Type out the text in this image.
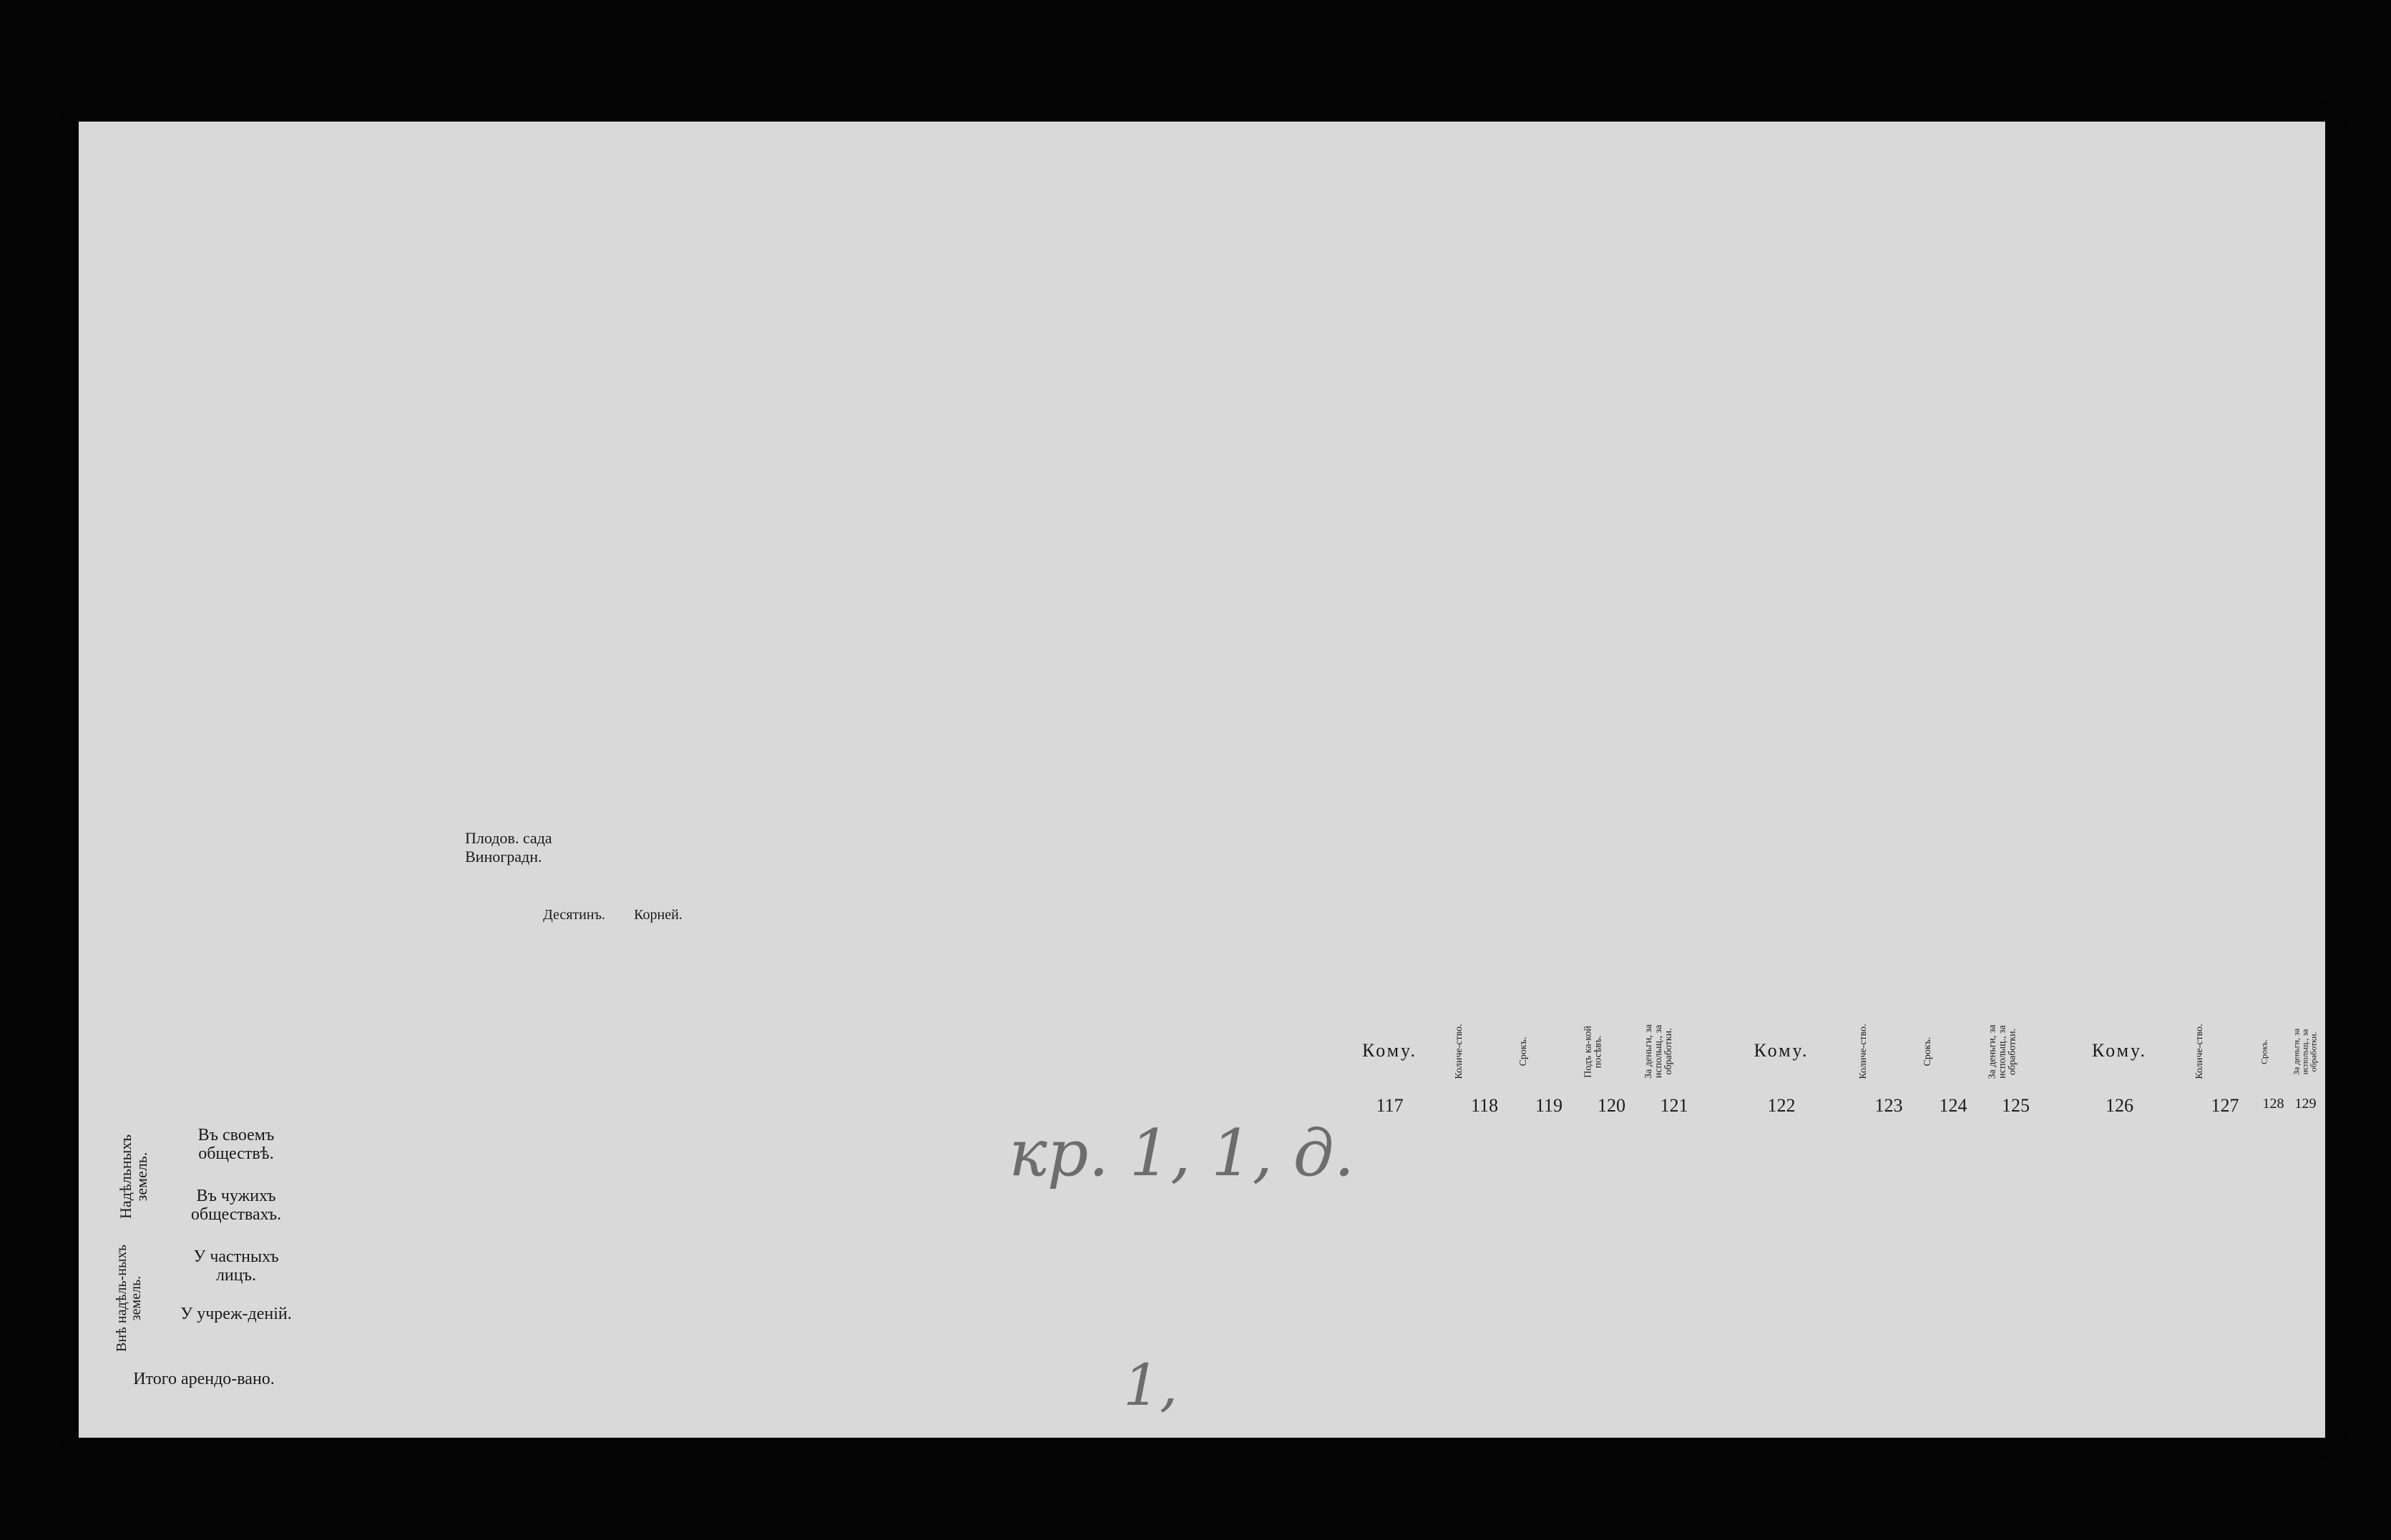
Корней.
Десятинъ.
Плодов. сада
Виноградн.
Кому.
117
Количе-ство.
118
Срокъ.
119
Подъ ка-кой посѣвъ.
120
За деньги, за испольщ., за обработки.
121
Кому.
122
Количе-ство.
123
Срокъ.
124
За деньги, за испольщ., за обработки.
125
Кому.
126
Количе-ство.
127
Срокъ.
128
За деньги, за испольщ., за обработки.
129
Надѣльныхъ земель.
Внѣ надѣль-ныхъ земель.
Въ своемъ обществѣ.
Въ чужихъ обществахъ.
У частныхъ лицъ.
У учреж-деній.
Итого арендо-вано.
кр. 1, 1, д.
1,
